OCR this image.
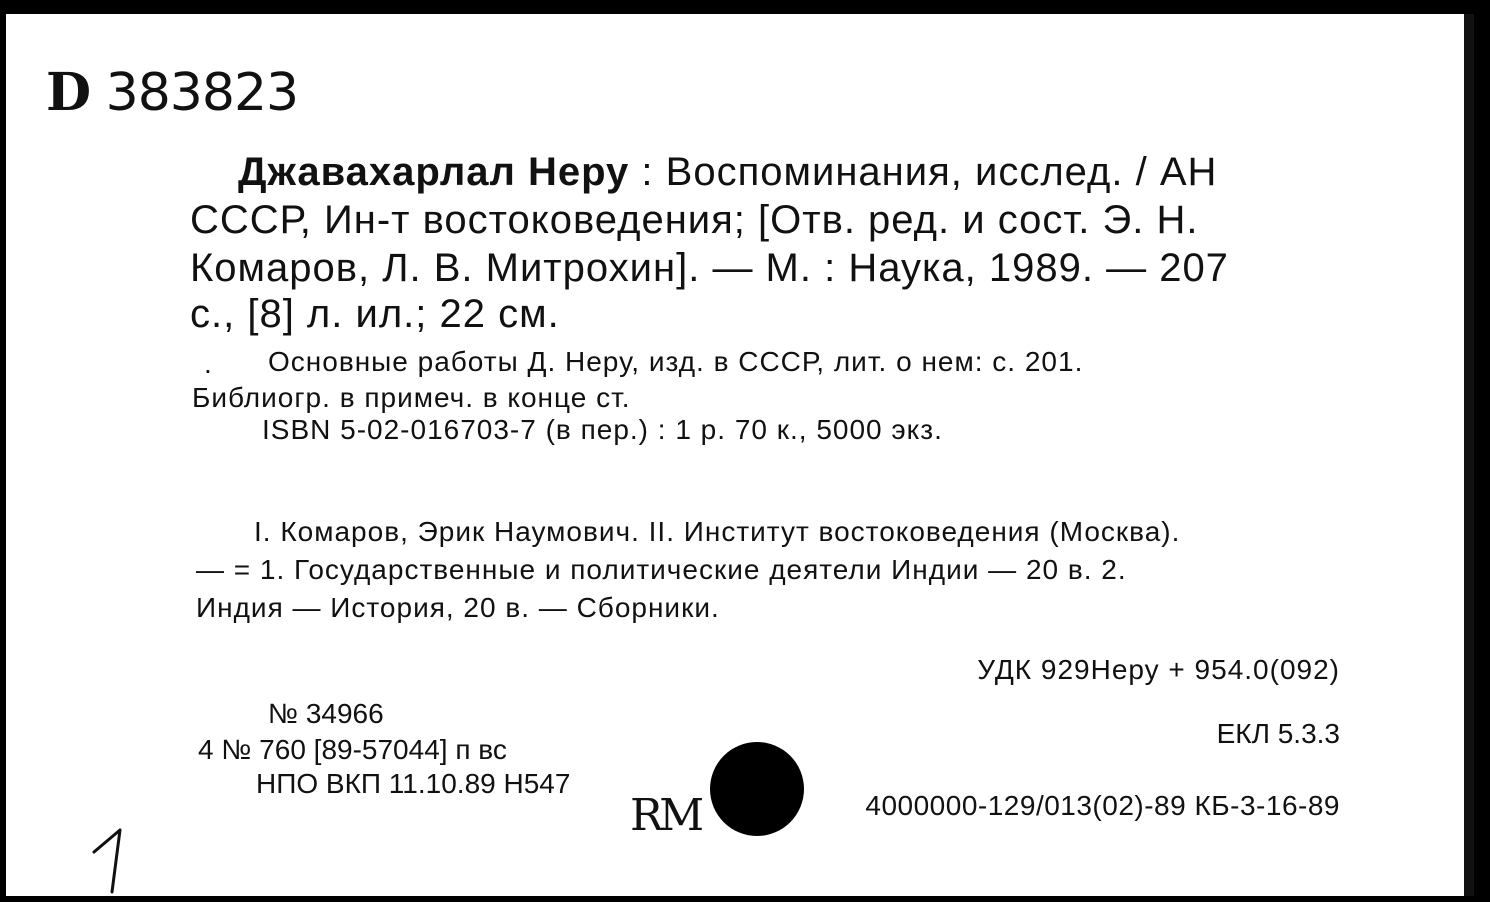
D 383823
Джавахарлал Неру : Воспоминания, исслед. / АН
СССР, Ин-т востоковедения; [Отв. ред. и сост. Э. Н.
Комаров, Л. В. Митрохин]. — М. : Наука, 1989. — 207
с., [8] л. ил.; 22 см.
. Основные работы Д. Неру, изд. в СССР, лит. о нем: с. 201.
Библиогр. в примеч. в конце ст.
ISBN 5-02-016703-7 (в пер.) : 1 р. 70 к., 5000 экз.
I. Комаров, Эрик Наумович. II. Институт востоковедения (Москва).
— = 1. Государственные и политические деятели Индии — 20 в. 2.
Индия — История, 20 в. — Сборники.
УДК 929Неру + 954.0(092)
ЕКЛ 5.3.3
№ 34966
4 № 760 [89-57044] п вс
НПО ВКП 11.10.89 Н547
RM	4000000-129/013(02)-89 КБ-3-16-89
